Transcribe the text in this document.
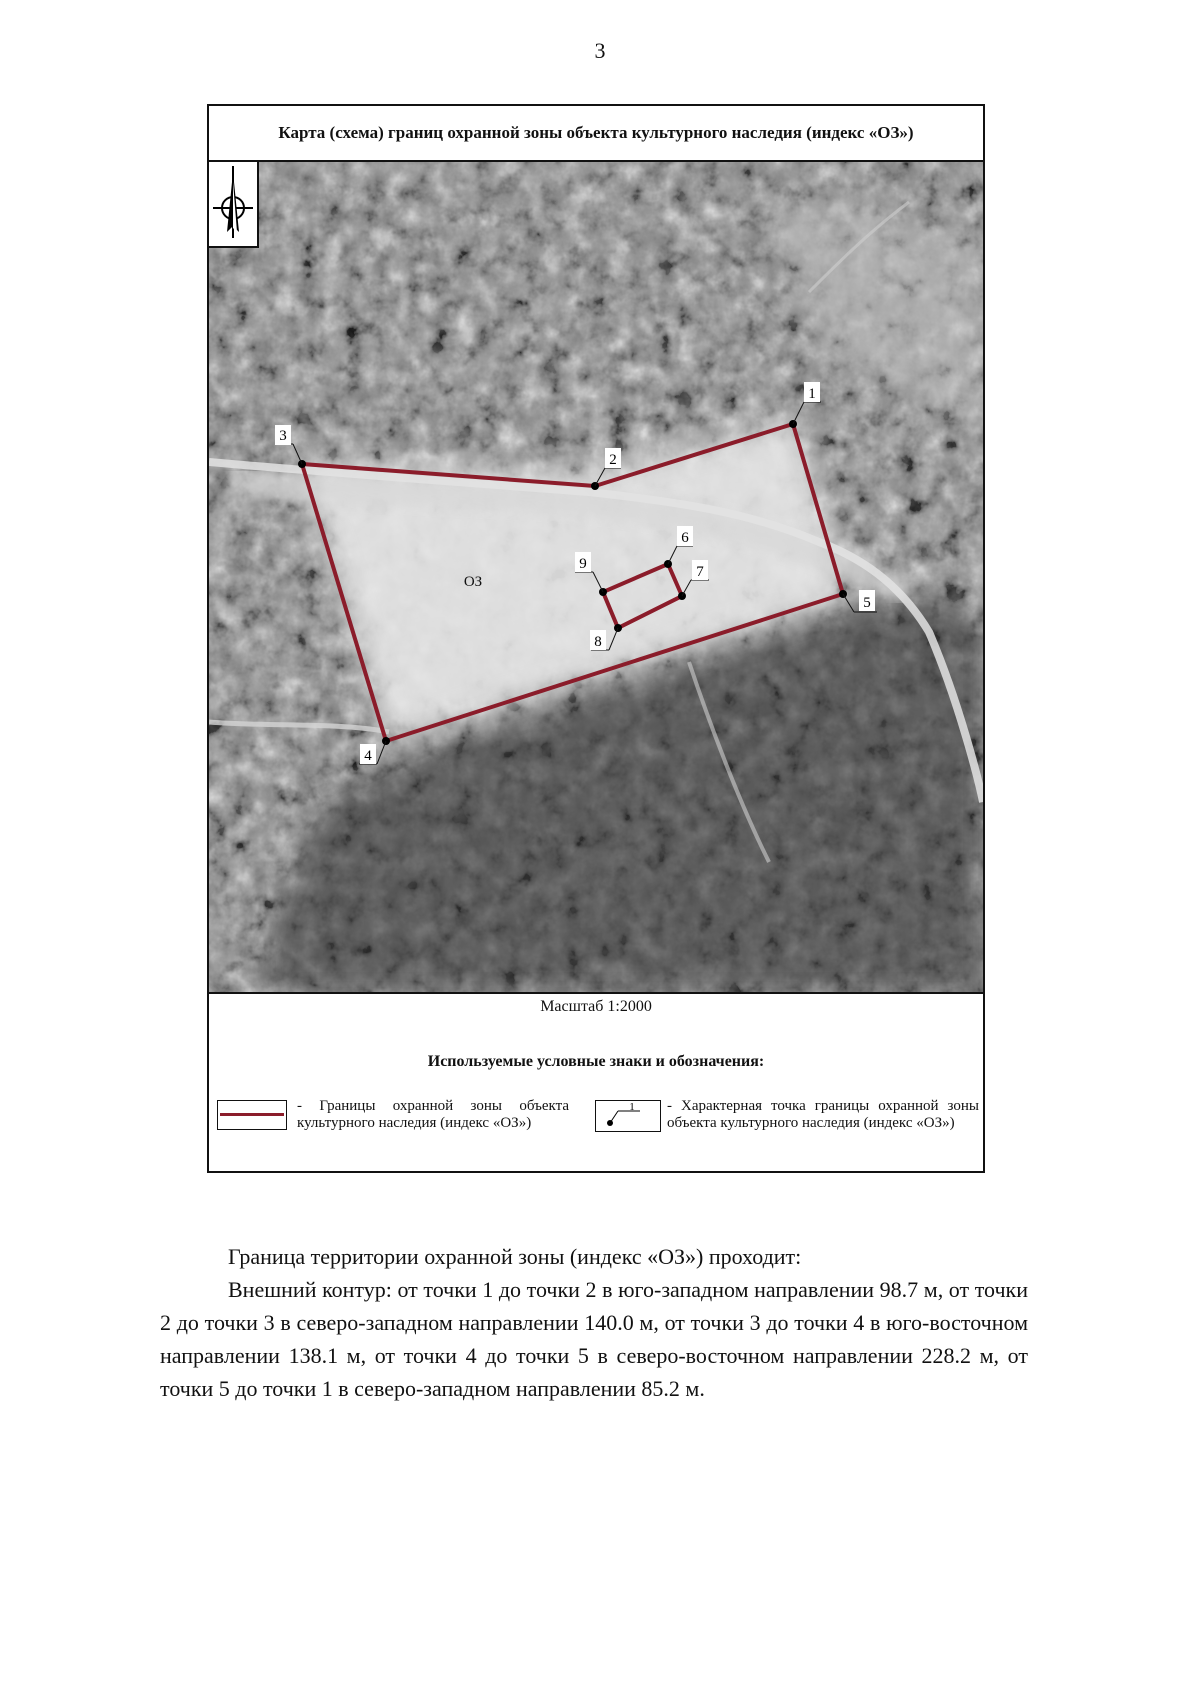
3
Карта (схема) границ охранной зоны объекта культурного наследия (индекс «ОЗ»)
1
2
3
4
5
6
7
8
9
ОЗ
Масштаб 1:2000
Используемые условные знаки и обозначения:
- Границы охранной зоны объекта культурного наследия (индекс «ОЗ»)
1 - Характерная точка границы охранной зоны объекта культурного наследия (индекс «ОЗ»)

Граница территории охранной зоны (индекс «ОЗ») проходит:

Внешний контур: от точки 1 до точки 2 в юго-западном направлении 98.7 м, от точки 2 до точки 3 в северо-западном направлении 140.0 м, от точки 3 до точки 4 в юго-восточном направлении 138.1 м, от точки 4 до точки 5 в северо-восточном направлении 228.2 м, от точки 5 до точки 1 в северо-западном направлении 85.2 м.
